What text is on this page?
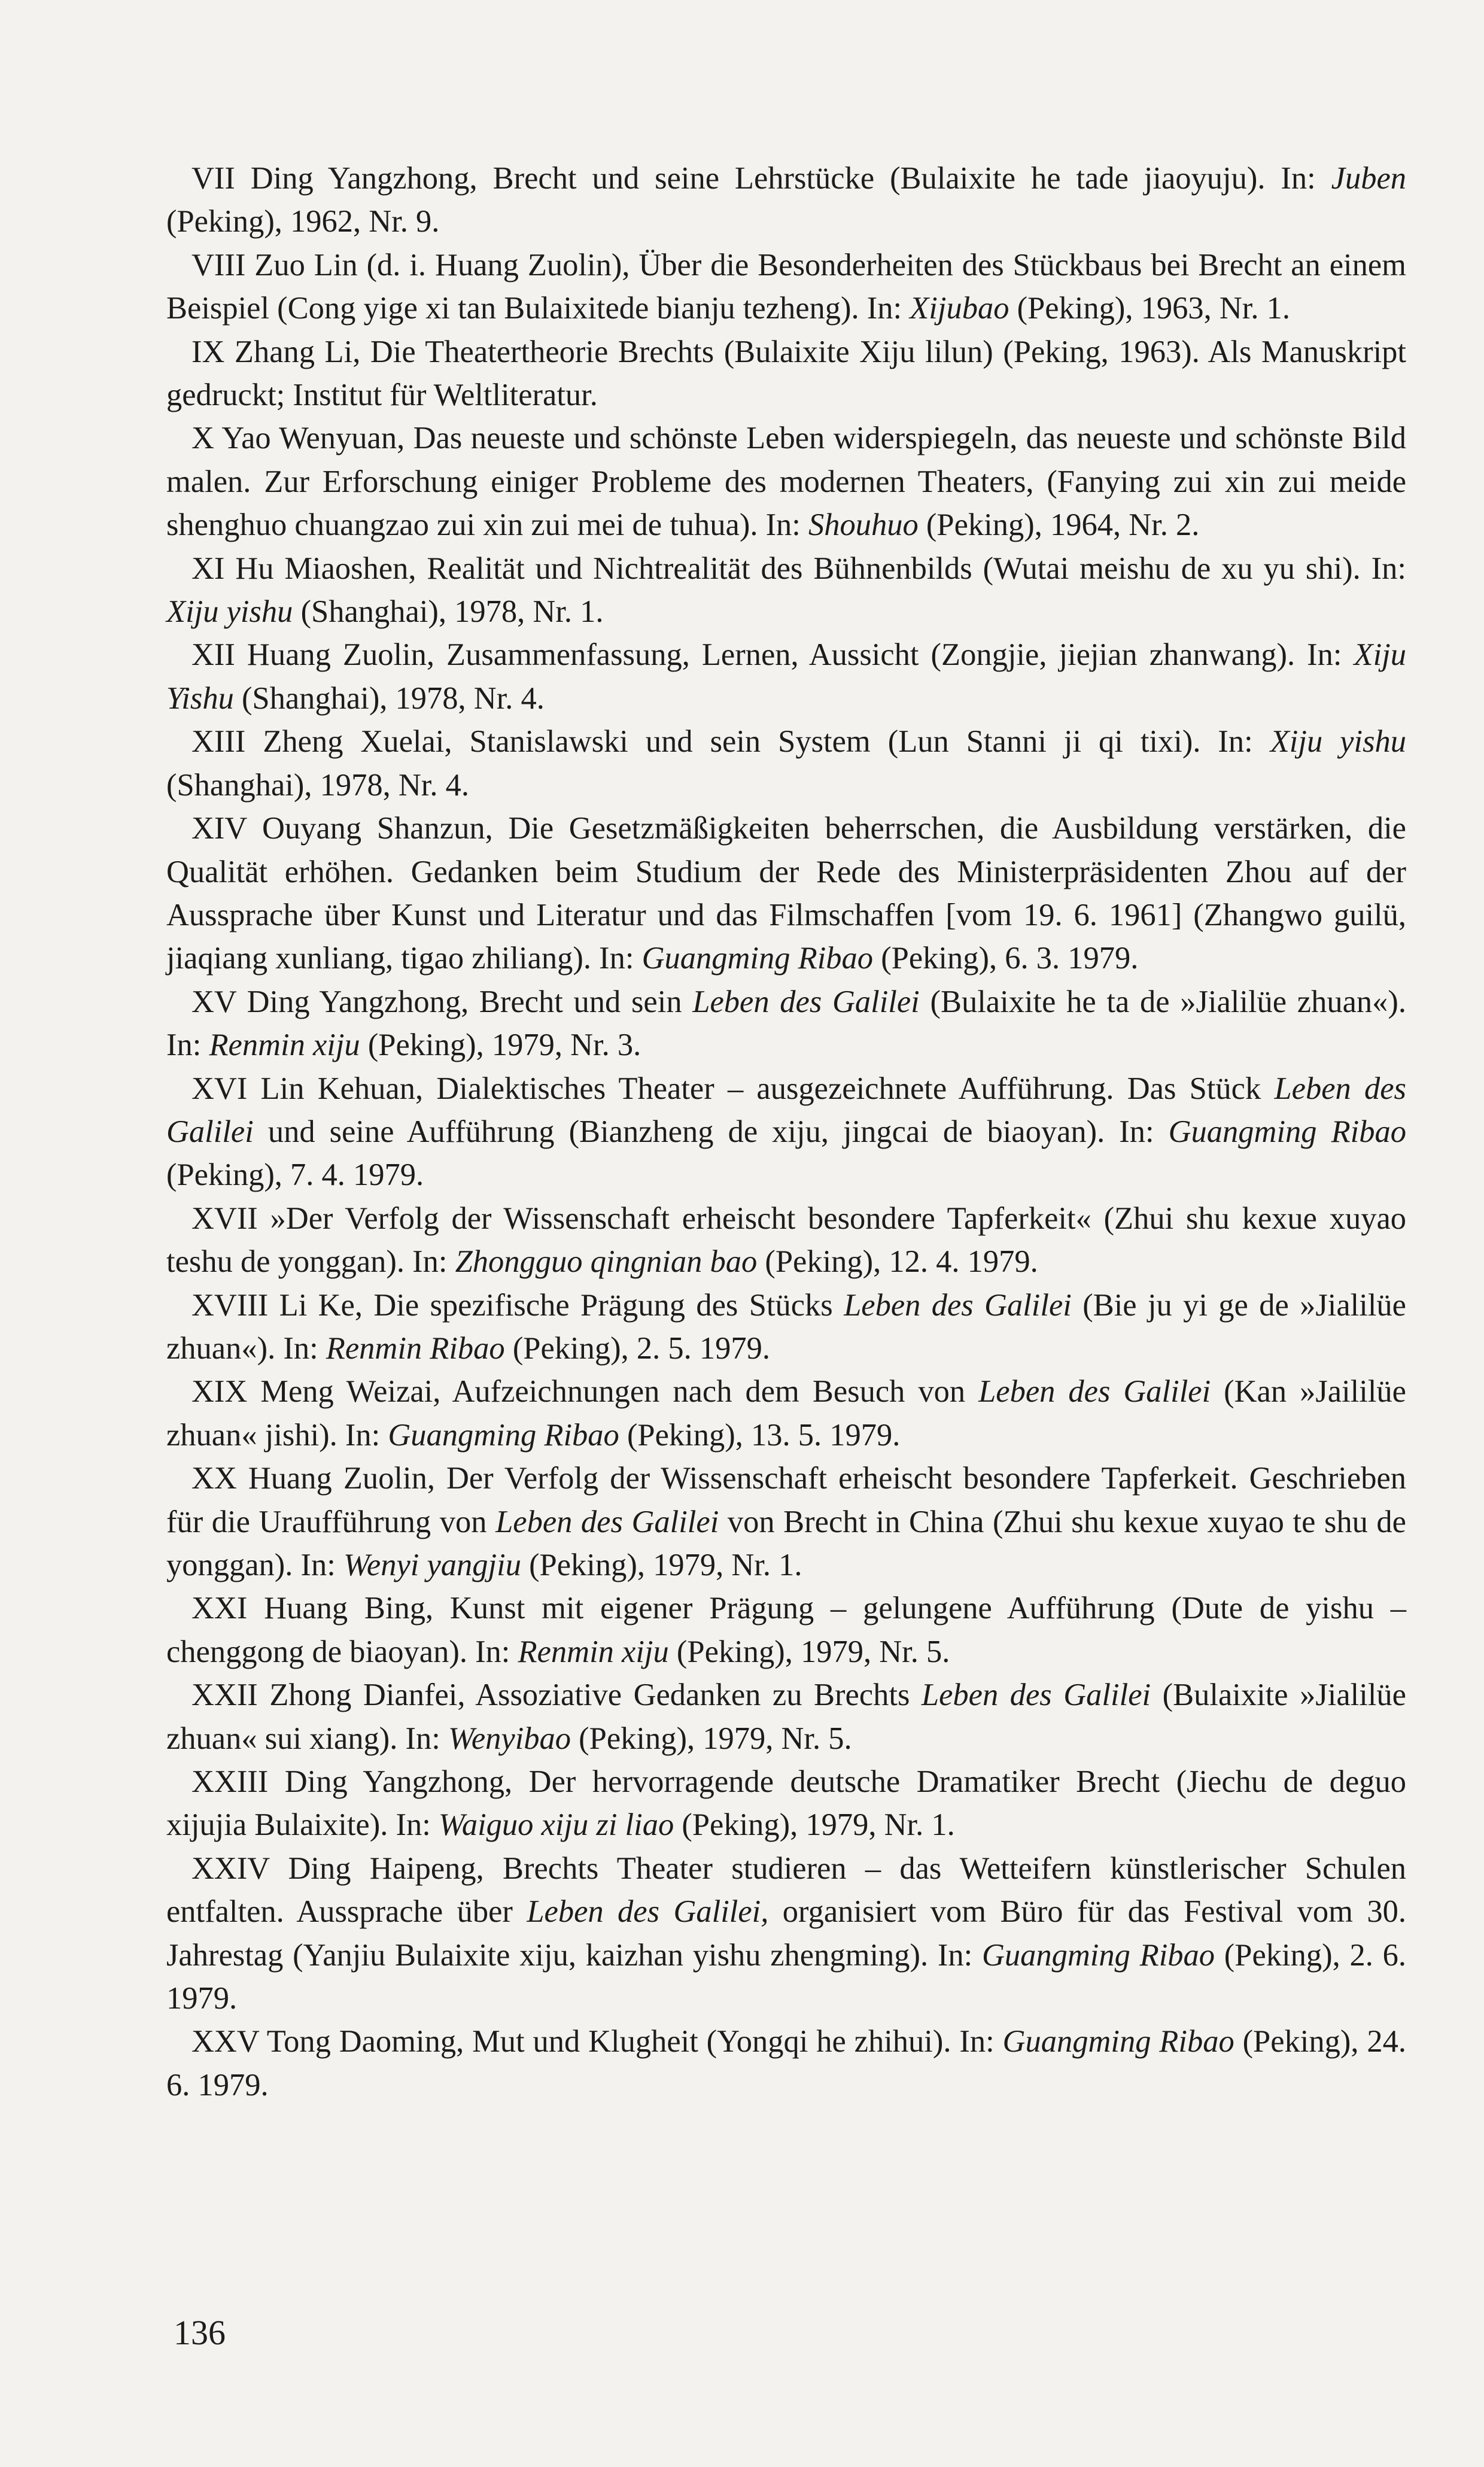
VII Ding Yangzhong, Brecht und seine Lehrstücke (Bulaixite he tade jiaoyuju). In: Juben (Peking), 1962, Nr. 9.

VIII Zuo Lin (d. i. Huang Zuolin), Über die Besonderheiten des Stückbaus bei Brecht an einem Beispiel (Cong yige xi tan Bulaixitede bianju tezheng). In: Xijubao (Peking), 1963, Nr. 1.

IX Zhang Li, Die Theatertheorie Brechts (Bulaixite Xiju lilun) (Peking, 1963). Als Manuskript gedruckt; Institut für Weltliteratur.

X Yao Wenyuan, Das neueste und schönste Leben widerspiegeln, das neueste und schönste Bild malen. Zur Erforschung einiger Probleme des modernen Theaters, (Fanying zui xin zui meide shenghuo chuangzao zui xin zui mei de tuhua). In: Shouhuo (Peking), 1964, Nr. 2.

XI Hu Miaoshen, Realität und Nichtrealität des Bühnenbilds (Wutai meishu de xu yu shi). In: Xiju yishu (Shanghai), 1978, Nr. 1.

XII Huang Zuolin, Zusammenfassung, Lernen, Aussicht (Zongjie, jiejian zhanwang). In: Xiju Yishu (Shanghai), 1978, Nr. 4.

XIII Zheng Xuelai, Stanislawski und sein System (Lun Stanni ji qi tixi). In: Xiju yishu (Shanghai), 1978, Nr. 4.

XIV Ouyang Shanzun, Die Gesetzmäßigkeiten beherrschen, die Ausbildung verstärken, die Qualität erhöhen. Gedanken beim Studium der Rede des Ministerpräsidenten Zhou auf der Aussprache über Kunst und Literatur und das Filmschaffen [vom 19. 6. 1961] (Zhangwo guilü, jiaqiang xunliang, tigao zhiliang). In: Guangming Ribao (Peking), 6. 3. 1979.

XV Ding Yangzhong, Brecht und sein Leben des Galilei (Bulaixite he ta de »Jialilüe zhuan«). In: Renmin xiju (Peking), 1979, Nr. 3.

XVI Lin Kehuan, Dialektisches Theater – ausgezeichnete Aufführung. Das Stück Leben des Galilei und seine Aufführung (Bianzheng de xiju, jingcai de biaoyan). In: Guangming Ribao (Peking), 7. 4. 1979.

XVII »Der Verfolg der Wissenschaft erheischt besondere Tapferkeit« (Zhui shu kexue xuyao teshu de yonggan). In: Zhongguo qingnian bao (Peking), 12. 4. 1979.

XVIII Li Ke, Die spezifische Prägung des Stücks Leben des Galilei (Bie ju yi ge de »Jialilüe zhuan«). In: Renmin Ribao (Peking), 2. 5. 1979.

XIX Meng Weizai, Aufzeichnungen nach dem Besuch von Leben des Galilei (Kan »Jaililüe zhuan« jishi). In: Guangming Ribao (Peking), 13. 5. 1979.

XX Huang Zuolin, Der Verfolg der Wissenschaft erheischt besondere Tapferkeit. Geschrieben für die Uraufführung von Leben des Galilei von Brecht in China (Zhui shu kexue xuyao te shu de yonggan). In: Wenyi yangjiu (Peking), 1979, Nr. 1.

XXI Huang Bing, Kunst mit eigener Prägung – gelungene Aufführung (Dute de yishu – chenggong de biaoyan). In: Renmin xiju (Peking), 1979, Nr. 5.

XXII Zhong Dianfei, Assoziative Gedanken zu Brechts Leben des Galilei (Bulaixite »Jialilüe zhuan« sui xiang). In: Wenyibao (Peking), 1979, Nr. 5.

XXIII Ding Yangzhong, Der hervorragende deutsche Dramatiker Brecht (Jiechu de deguo xijujia Bulaixite). In: Waiguo xiju zi liao (Peking), 1979, Nr. 1.

XXIV Ding Haipeng, Brechts Theater studieren – das Wetteifern künstlerischer Schulen entfalten. Aussprache über Leben des Galilei, organisiert vom Büro für das Festival vom 30. Jahrestag (Yanjiu Bulaixite xiju, kaizhan yishu zhengming). In: Guangming Ribao (Peking), 2. 6. 1979.

XXV Tong Daoming, Mut und Klugheit (Yongqi he zhihui). In: Guangming Ribao (Peking), 24. 6. 1979.

136
